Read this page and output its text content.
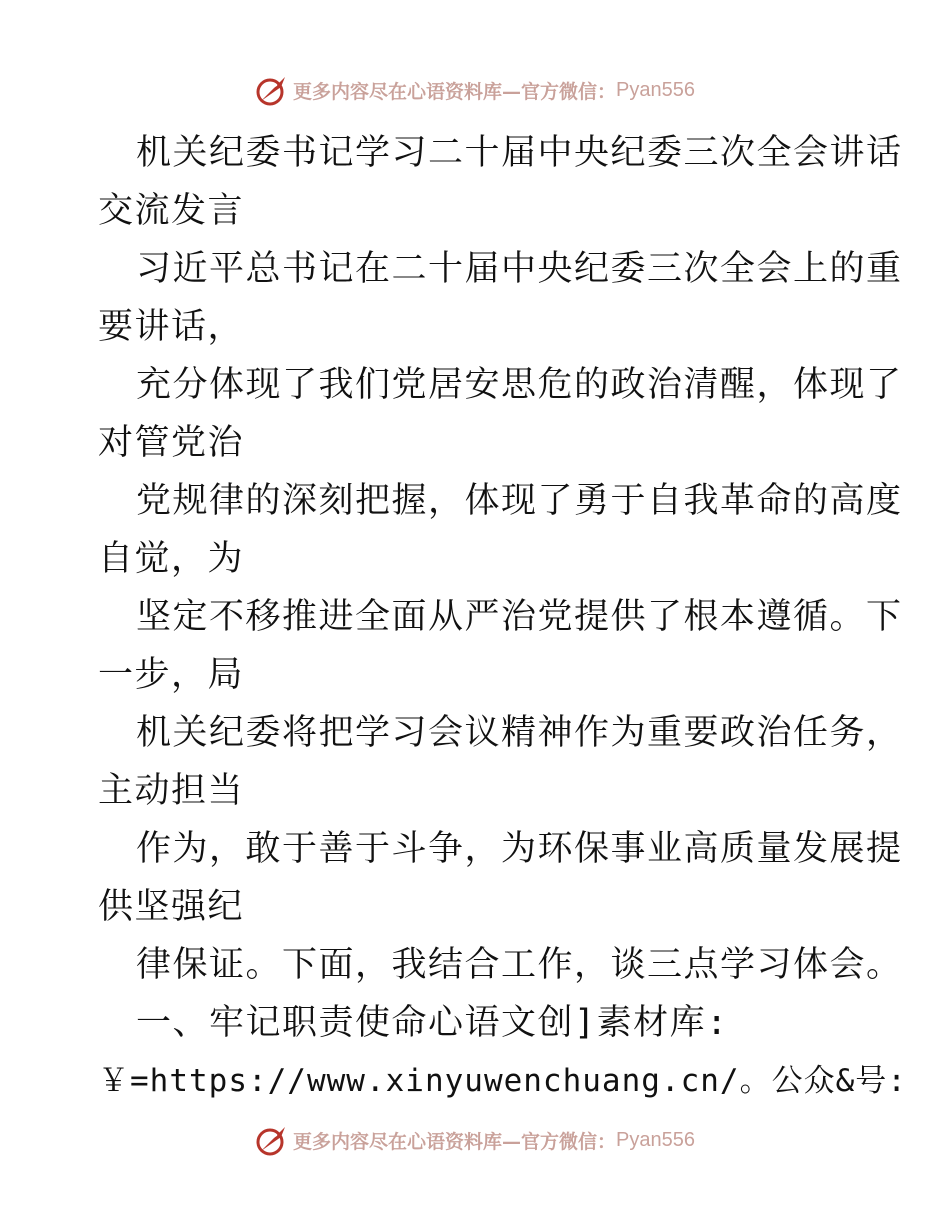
更多内容尽在心语资料库—官方微信： Pyan556
机关纪委书记学习二十届中央纪委三次全会讲话
交流发言
习近平总书记在二十届中央纪委三次全会上的重
要讲话，
充分体现了我们党居安思危的政治清醒，体现了
对管党治
党规律的深刻把握，体现了勇于自我革命的高度
自觉，为
坚定不移推进全面从严治党提供了根本遵循。下
一步，局
机关纪委将把学习会议精神作为重要政治任务，
主动担当
作为，敢于善于斗争，为环保事业高质量发展提
供坚强纪
律保证。下面，我结合工作，谈三点学习体会。
一、牢记职责使命心语文创]素材库:
￥=https://www.xinyuwenchuang.cn/。公众&号:
更多内容尽在心语资料库—官方微信： Pyan556
